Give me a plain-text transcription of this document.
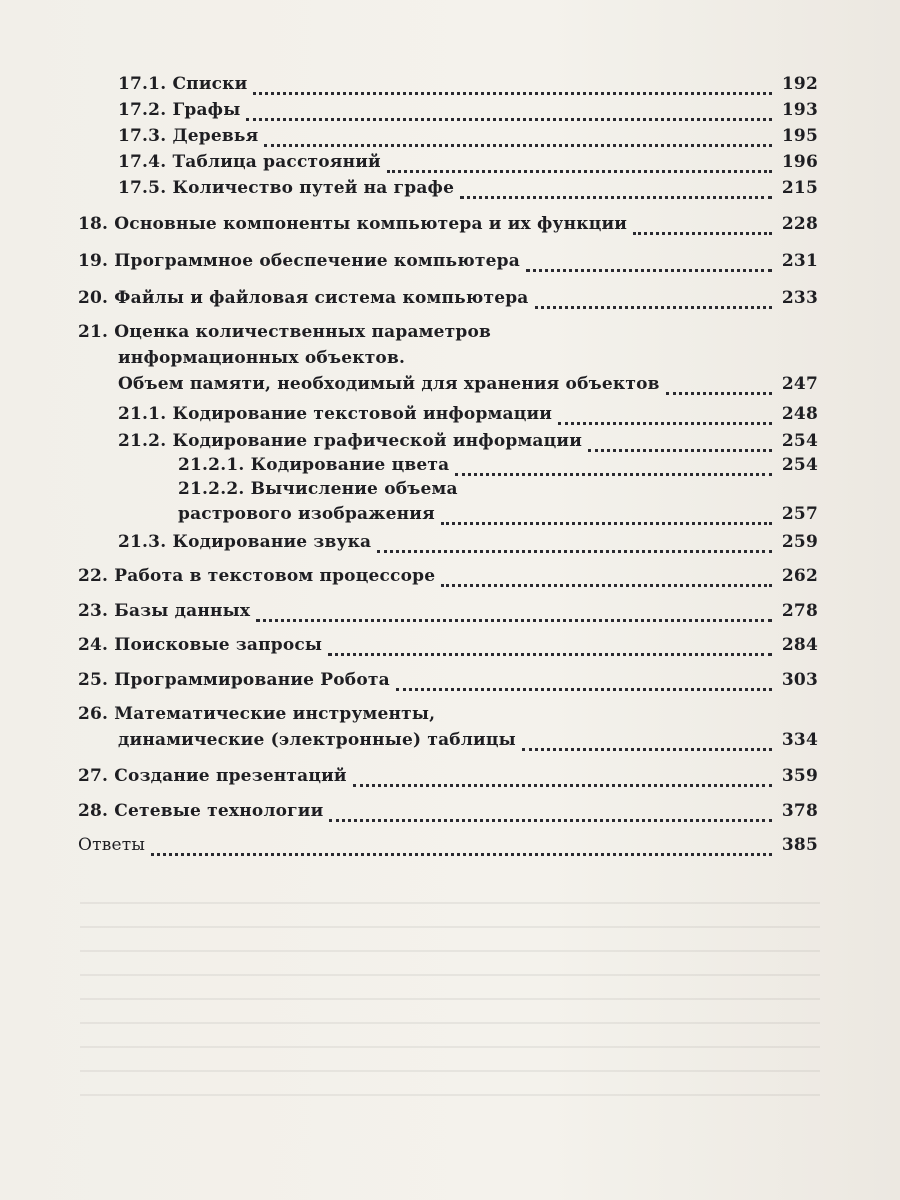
17.1. Списки	192
17.2. Графы	193
17.3. Деревья	195
17.4. Таблица расстояний	196
17.5. Количество путей на графе	215
18. Основные компоненты компьютера и их функции	228
19. Программное обеспечение компьютера	231
20. Файлы и файловая система компьютера	233
21. Оценка количественных параметров
информационных объектов.
Объем памяти, необходимый для хранения объектов	247
21.1. Кодирование текстовой информации	248
21.2. Кодирование графической информации	254
21.2.1. Кодирование цвета	254
21.2.2. Вычисление объема
растрового изображения	257
21.3. Кодирование звука	259
22. Работа в текстовом процессоре	262
23. Базы данных	278
24. Поисковые запросы	284
25. Программирование Робота	303
26. Математические инструменты,
динамические (электронные) таблицы	334
27. Создание презентаций	359
28. Сетевые технологии	378
Ответы	385
